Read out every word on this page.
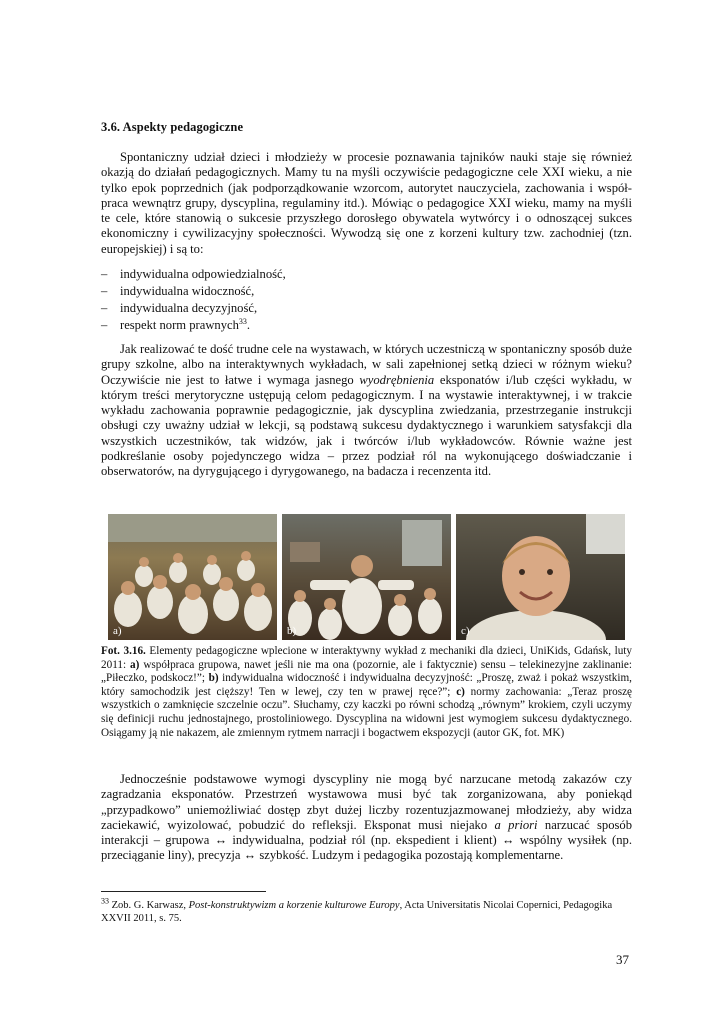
3.6. Aspekty pedagogiczne

Spontaniczny udział dzieci i młodzieży w procesie poznawania tajników nauki staje się również okazją do działań pedagogicznych. Mamy tu na myśli oczywiście pedagogiczne cele XXI wieku, a nie tylko epok poprzednich (jak podporządkowanie wzorcom, autorytet nauczyciela, zachowania i współ-praca wewnątrz grupy, dyscyplina, regulaminy itd.). Mówiąc o pedagogice XXI wieku, mamy na myśli te cele, które stanowią o sukcesie przyszłego dorosłego obywatela wytwórcy i o odnoszącej sukces ekonomiczny i cywilizacyjny społeczności. Wywodzą się one z korzeni kultury tzw. zachodniej (tzn. europejskiej) i są to:

– indywidualna odpowiedzialność,
– indywidualna widoczność,
– indywidualna decyzyjność,
– respekt norm prawnych$^{33}$.

Jak realizować te dość trudne cele na wystawach, w których uczestniczą w spontaniczny sposób duże grupy szkolne, albo na interaktywnych wykładach, w sali zapełnionej setką dzieci w różnym wieku? Oczywiście nie jest to łatwe i wymaga jasnego wyodrębnienia eksponatów i/lub części wykładu, w którym treści merytoryczne ustępują celom pedagogicznym. I na wystawie interaktywnej, i w trakcie wykładu zachowania poprawnie pedagogicznie, jak dyscyplina zwiedzania, przestrzeganie instrukcji obsługi czy uważny udział w lekcji, są podstawą sukcesu dydaktycznego i warunkiem satysfakcji dla wszystkich uczestników, tak widzów, jak i twórców i/lub wykładowców. Równie ważne jest podkreślanie osoby pojedynczego widza – przez podział ról na wykonującego doświadczanie i obserwatorów, na dyrygującego i dyrygowanego, na badacza i recenzenta itd.

a)	b)	c)

Fot. 3.16. Elementy pedagogiczne wplecione w interaktywny wykład z mechaniki dla dzieci, UniKids, Gdańsk, luty 2011: a) współpraca grupowa, nawet jeśli nie ma ona (pozornie, ale i faktycznie) sensu – telekinezyjne zaklinanie: „Piłeczko, podskocz!”; b) indywidualna widoczność i indywidualna decyzyjność: „Proszę, zważ i pokaż wszystkim, który samochodzik jest cięższy! Ten w lewej, czy ten w prawej ręce?”; c) normy zachowania: „Teraz proszę wszystkich o zamknięcie szczelnie oczu”. Słuchamy, czy kaczki po równi schodzą „równym” krokiem, czyli uczymy się definicji ruchu jednostajnego, prostoliniowego. Dyscyplina na widowni jest wymogiem sukcesu dydaktycznego. Osiągamy ją nie nakazem, ale zmiennym rytmem narracji i bogactwem ekspozycji (autor GK, fot. MK)

Jednocześnie podstawowe wymogi dyscypliny nie mogą być narzucane metodą zakazów czy zagradzania eksponatów. Przestrzeń wystawowa musi być tak zorganizowana, aby poniekąd „przypadkowo” uniemożliwiać dostęp zbyt dużej liczby rozentuzjazmowanej młodzieży, aby widza zaciekawić, wyizolować, pobudzić do refleksji. Eksponat musi niejako a priori narzucać sposób interakcji – grupowa ↔ indywidualna, podział ról (np. ekspedient i klient) ↔ wspólny wysiłek (np. przeciąganie liny), precyzja ↔ szybkość. Ludzym i pedagogika pozostają komplementarne.

$^{33}$ Zob. G. Karwasz, Post-konstruktywizm a korzenie kulturowe Europy, Acta Universitatis Nicolai Copernici, Pedagogika XXVII 2011, s. 75.

37
